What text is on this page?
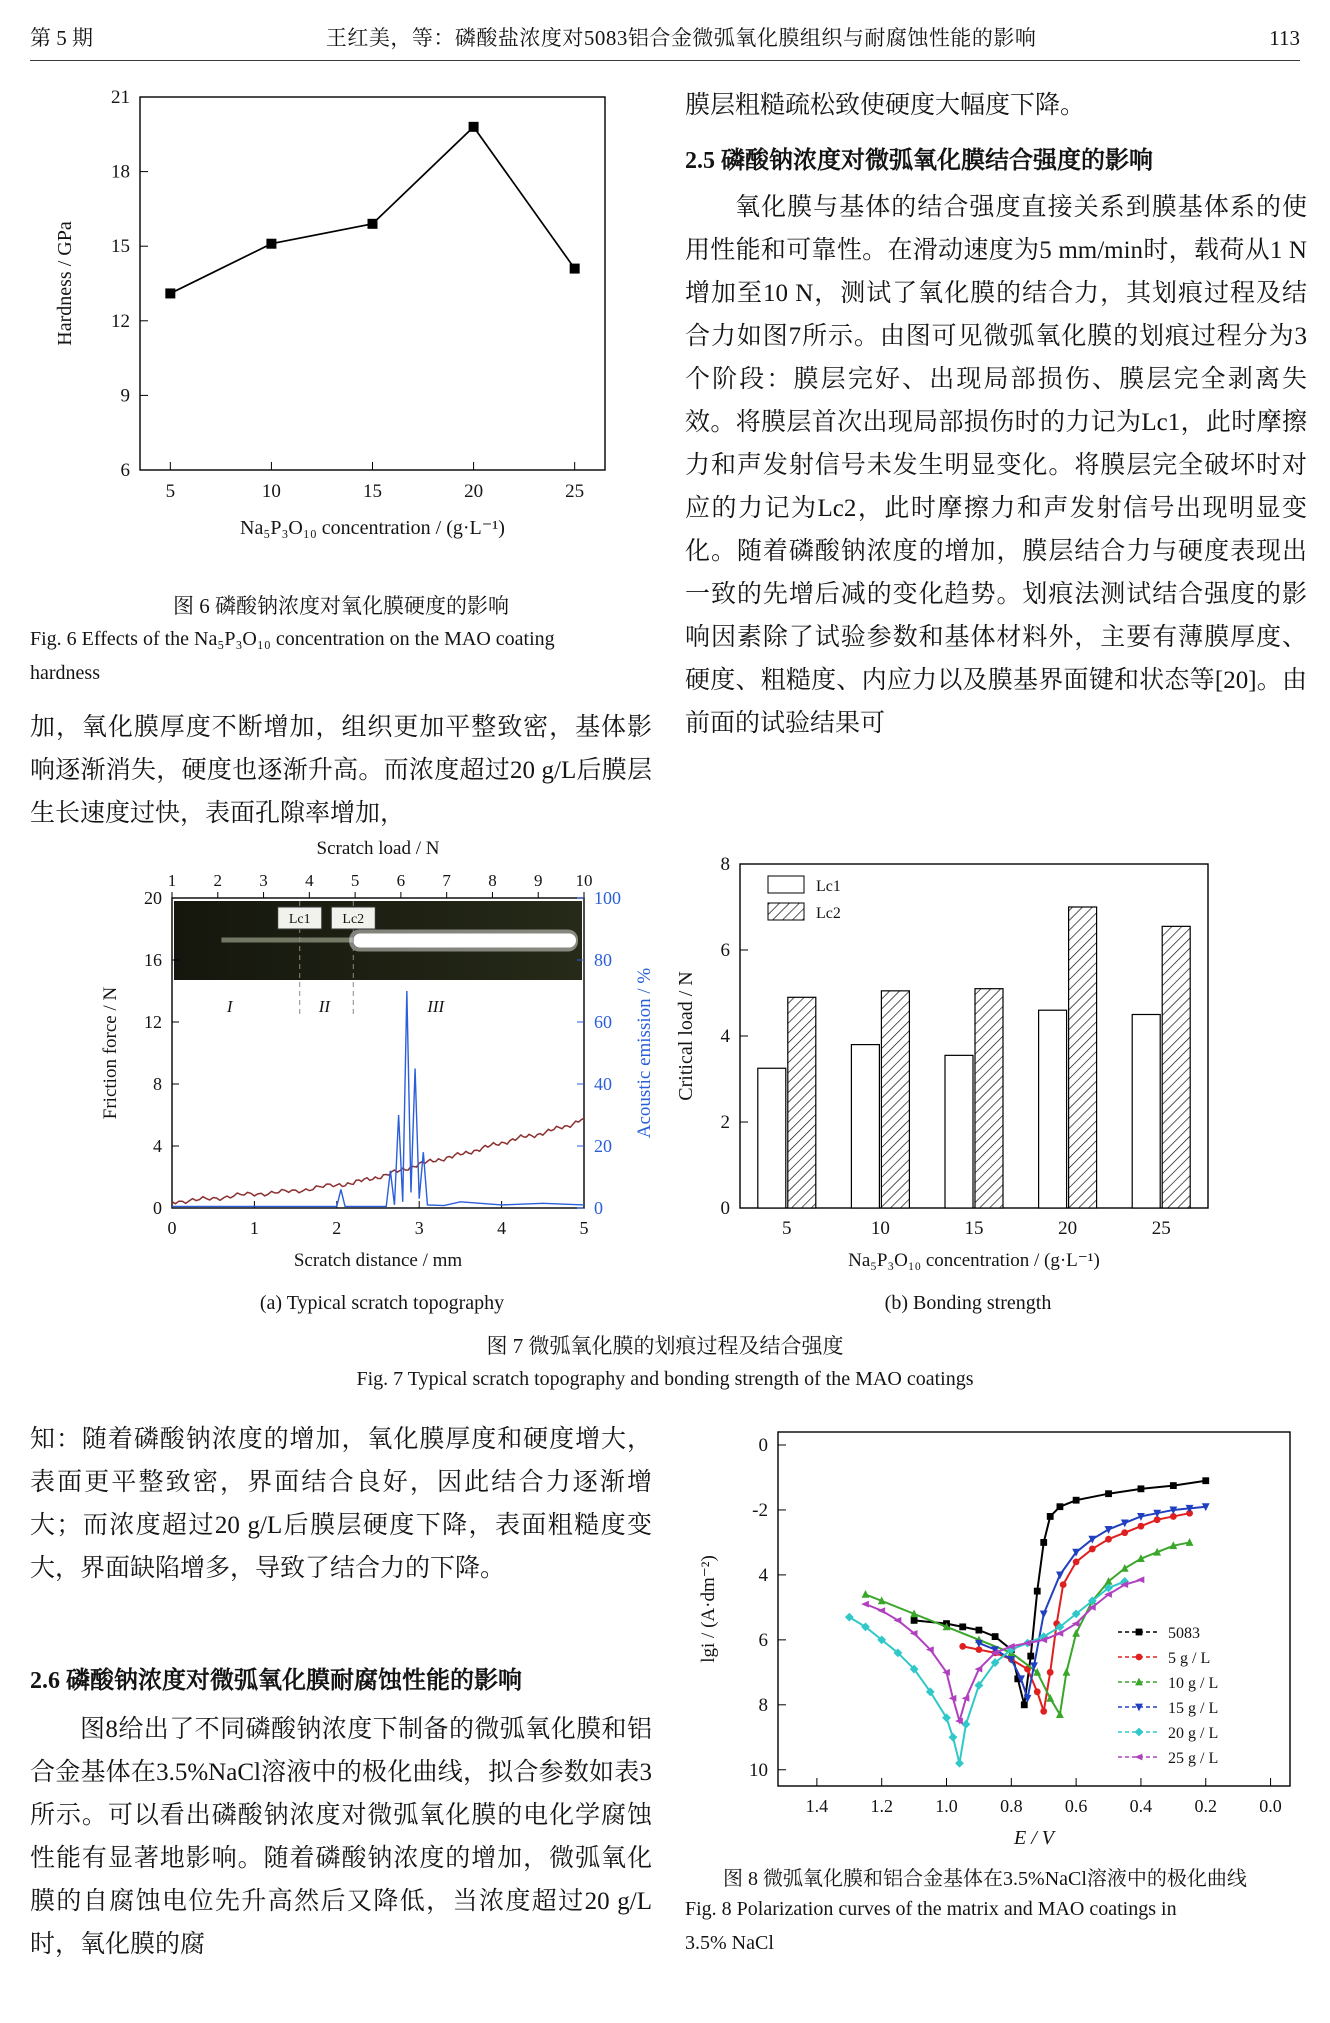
第 5 期	王红美，等：磷酸盐浓度对5083铝合金微弧氧化膜组织与耐腐蚀性能的影响	113
6
9
12
15
18
21
5	10	15	20	25
Na₅P₃O₁₀ concentration / (g·L⁻¹)
Hardness / GPa
图 6 磷酸钠浓度对氧化膜硬度的影响
Fig. 6 Effects of the Na₅P₃O₁₀ concentration on the MAO coating
hardness
加，氧化膜厚度不断增加，组织更加平整致密，基体影响逐渐消失，硬度也逐渐升高。而浓度超过20 g/L后膜层生长速度过快，表面孔隙率增加，
膜层粗糙疏松致使硬度大幅度下降。
2.5 磷酸钠浓度对微弧氧化膜结合强度的影响
氧化膜与基体的结合强度直接关系到膜基体系的使用性能和可靠性。在滑动速度为5 mm/min时，载荷从1 N增加至10 N，测试了氧化膜的结合力，其划痕过程及结合力如图7所示。由图可见微弧氧化膜的划痕过程分为3个阶段：膜层完好、出现局部损伤、膜层完全剥离失效。将膜层首次出现局部损伤时的力记为Lc1，此时摩擦力和声发射信号未发生明显变化。将膜层完全破坏时对应的力记为Lc2，此时摩擦力和声发射信号出现明显变化。随着磷酸钠浓度的增加，膜层结合力与硬度表现出一致的先增后减的变化趋势。划痕法测试结合强度的影响因素除了试验参数和基体材料外，主要有薄膜厚度、硬度、粗糙度、内应力以及膜基界面键和状态等[20]。由前面的试验结果可
Scratch load / N
1 2 3 4 5 6 7 8 9 10
Lc1 Lc2
I	II	III
0
4
8
12
16
20
0
20
40
60
80
100
0	1	2	3	4	5
Friction force / N	Acoustic emission / %
Scratch distance / mm
0
2
4
6
8
5	10	15	20	25
Lc1
Lc2
Na₅P₃O₁₀ concentration / (g·L⁻¹)
Critical load / N
(a) Typical scratch topography	(b) Bonding strength
图 7 微弧氧化膜的划痕过程及结合强度
Fig. 7 Typical scratch topography and bonding strength of the MAO coatings
知：随着磷酸钠浓度的增加，氧化膜厚度和硬度增大，表面更平整致密，界面结合良好，因此结合力逐渐增大；而浓度超过20 g/L后膜层硬度下降，表面粗糙度变大，界面缺陷增多，导致了结合力的下降。
2.6 磷酸钠浓度对微弧氧化膜耐腐蚀性能的影响
图8给出了不同磷酸钠浓度下制备的微弧氧化膜和铝合金基体在3.5%NaCl溶液中的极化曲线，拟合参数如表3所示。可以看出磷酸钠浓度对微弧氧化膜的电化学腐蚀性能有显著地影响。随着磷酸钠浓度的增加，微弧氧化膜的自腐蚀电位先升高然后又降低，当浓度超过20 g/L时，氧化膜的腐
0
-2
4
6
8
10
1.4 1.2 1.0 0.8 0.6 0.4 0.2 0.0
5083
5 g / L
10 g / L
15 g / L
20 g / L
25 g / L
E / V
lgi / (A·dm⁻²)
图 8 微弧氧化膜和铝合金基体在3.5%NaCl溶液中的极化曲线
Fig. 8 Polarization curves of the matrix and MAO coatings in
3.5% NaCl
